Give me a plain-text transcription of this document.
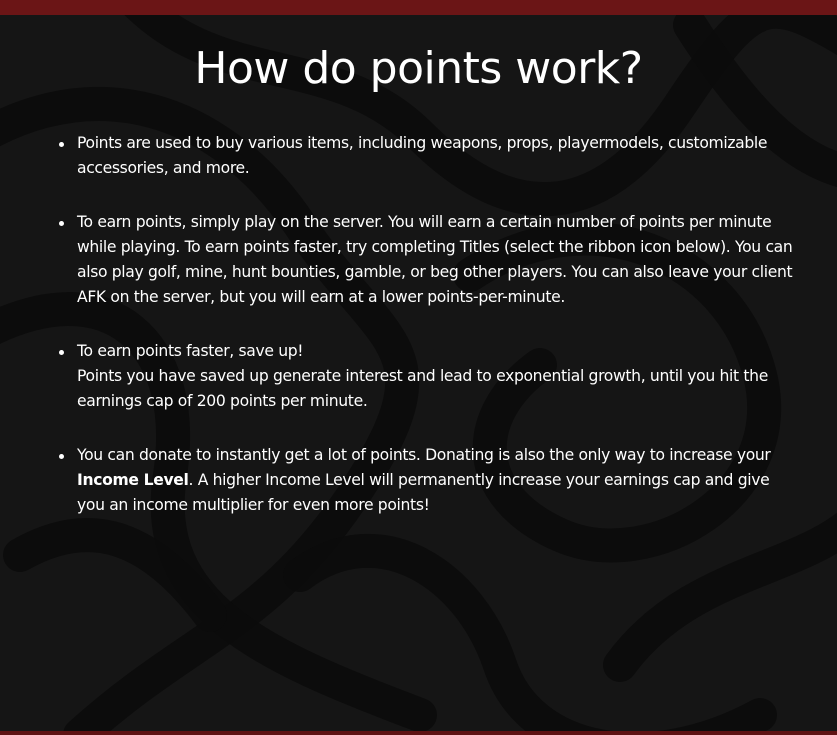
How do points work?
Points are used to buy various items, including weapons, props, playermodels, customizable accessories, and more.
To earn points, simply play on the server. You will earn a certain number of points per minute while playing. To earn points faster, try completing Titles (select the ribbon icon below). You can also play golf, mine, hunt bounties, gamble, or beg other players. You can also leave your client AFK on the server, but you will earn at a lower points-per-minute.
To earn points faster, save up!
Points you have saved up generate interest and lead to exponential growth, until you hit the earnings cap of 200 points per minute.
You can donate to instantly get a lot of points. Donating is also the only way to increase your Income Level. A higher Income Level will permanently increase your earnings cap and give you an income multiplier for even more points!
